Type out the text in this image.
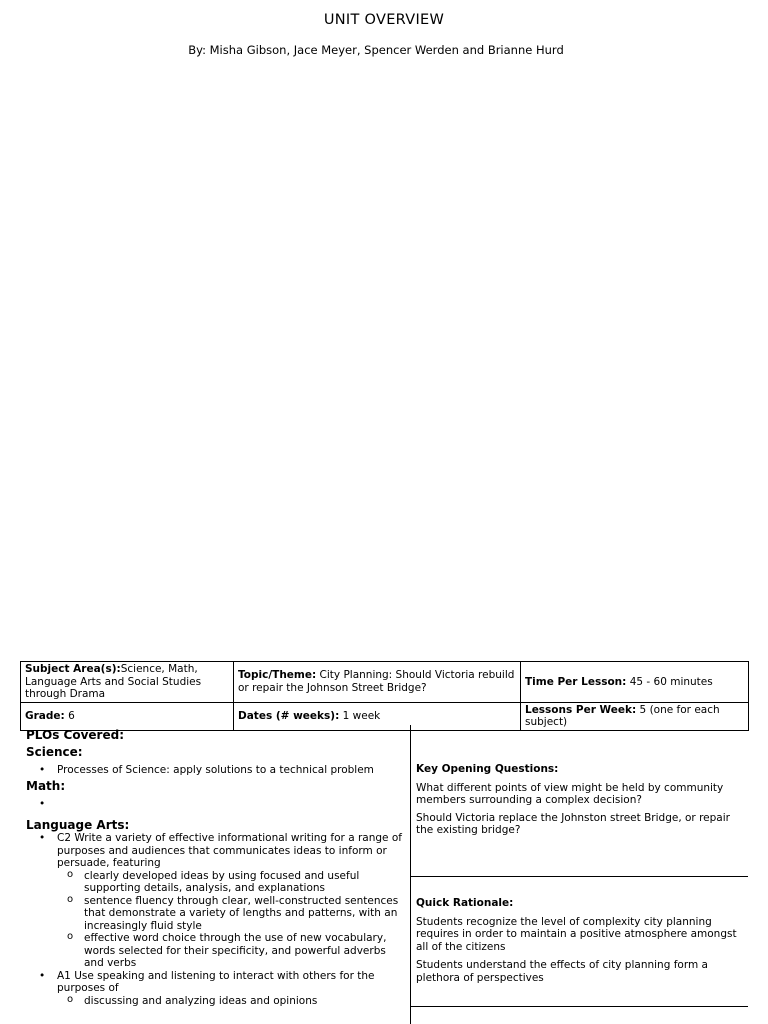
UNIT OVERVIEW
By: Misha Gibson, Jace Meyer, Spencer Werden and Brianne Hurd
Subject Area(s):Science, Math, Language Arts and Social Studies through Drama	Topic/Theme: City Planning: Should Victoria rebuild or repair the Johnson Street Bridge?	Time Per Lesson: 45 - 60 minutes
Grade: 6	Dates (# weeks): 1 week	Lessons Per Week: 5 (one for each subject)
PLOs Covered:
Science:
• Processes of Science: apply solutions to a technical problem
Math:
•
Language Arts:
• C2 Write a variety of effective informational writing for a range of purposes and audiences that communicates ideas to inform or persuade, featuring
o clearly developed ideas by using focused and useful supporting details, analysis, and explanations
o sentence fluency through clear, well-constructed sentences that demonstrate a variety of lengths and patterns, with an increasingly fluid style
o effective word choice through the use of new vocabulary, words selected for their specificity, and powerful adverbs and verbs
• A1 Use speaking and listening to interact with others for the purposes of
o discussing and analyzing ideas and opinions

Key Opening Questions:

What different points of view might be held by community members surrounding a complex decision?

Should Victoria replace the Johnston street Bridge, or repair the existing bridge?

Quick Rationale:

Students recognize the level of complexity city planning requires in order to maintain a positive atmosphere amongst all of the citizens

Students understand the effects of city planning form a plethora of perspectives
